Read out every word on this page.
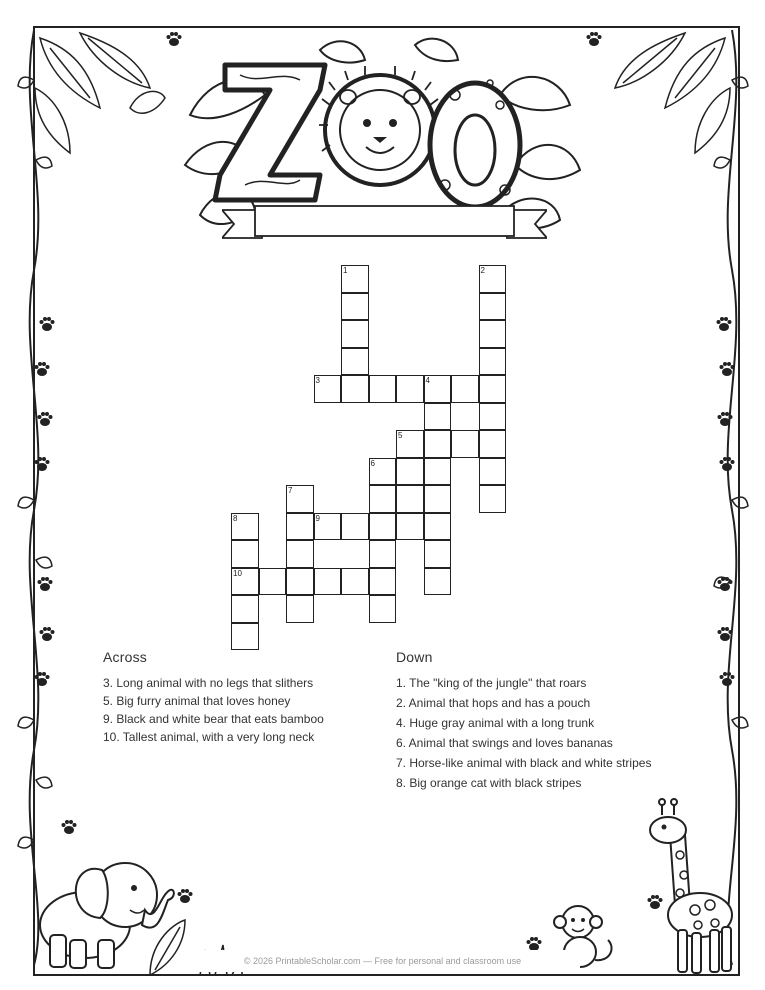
1	2
3	4
5
6
7
8	9
10
Across
3. Long animal with no legs that slithers
5. Big furry animal that loves honey
9. Black and white bear that eats bamboo
10. Tallest animal, with a very long neck
Down
1. The "king of the jungle" that roars
2. Animal that hops and has a pouch
4. Huge gray animal with a long trunk
6. Animal that swings and loves bananas
7. Horse-like animal with black and white stripes
8. Big orange cat with black stripes
© 2026 PrintableScholar.com — Free for personal and classroom use
